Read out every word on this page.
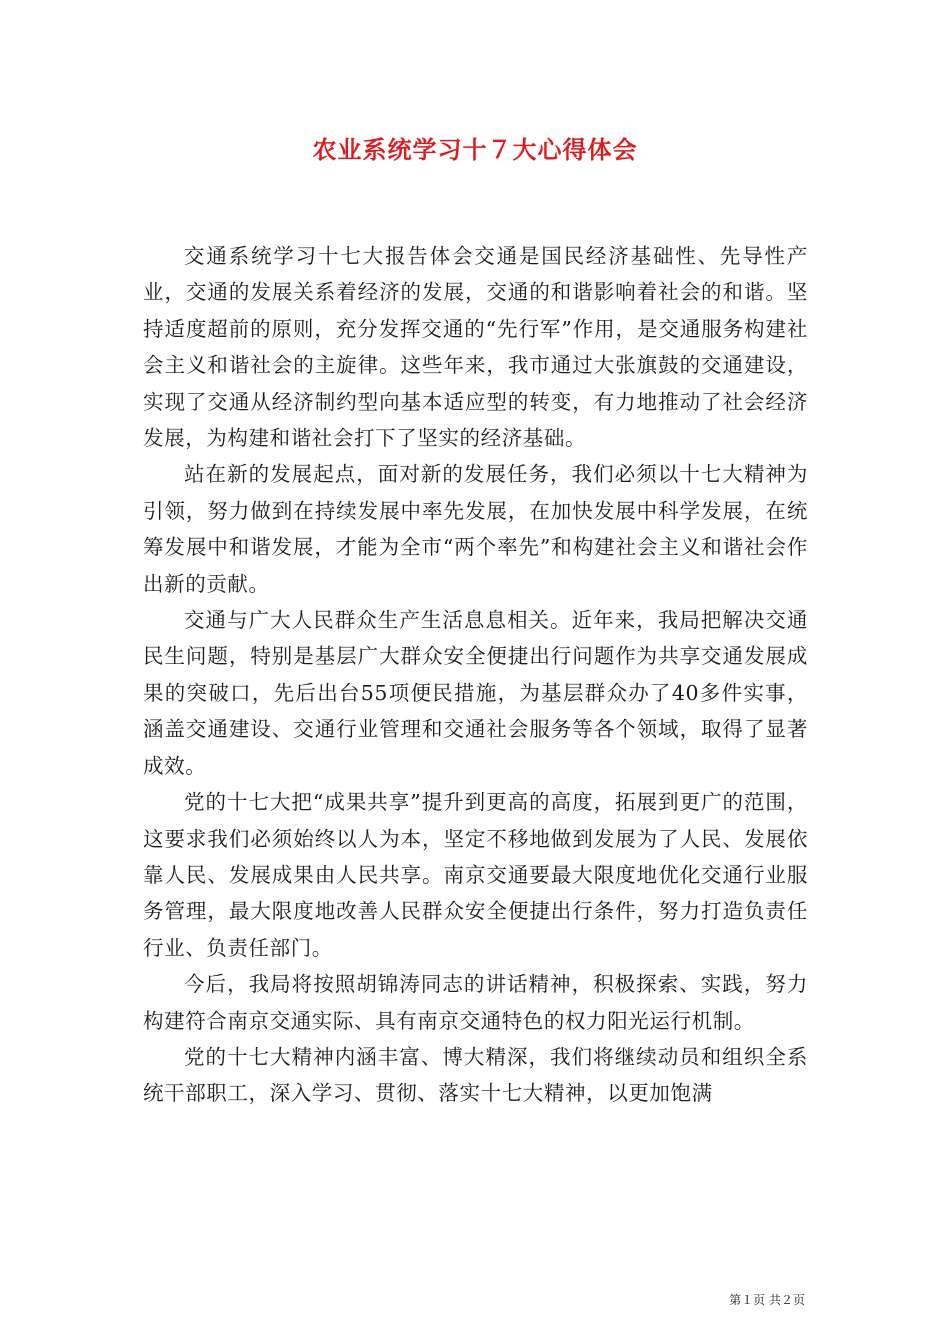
农业系统学习十７大心得体会

交通系统学习十七大报告体会交通是国民经济基础性、先导性产业，交通的发展关系着经济的发展，交通的和谐影响着社会的和谐。坚持适度超前的原则，充分发挥交通的“先行军”作用，是交通服务构建社会主义和谐社会的主旋律。这些年来，我市通过大张旗鼓的交通建设，实现了交通从经济制约型向基本适应型的转变，有力地推动了社会经济发展，为构建和谐社会打下了坚实的经济基础。

站在新的发展起点，面对新的发展任务，我们必须以十七大精神为引领，努力做到在持续发展中率先发展，在加快发展中科学发展，在统筹发展中和谐发展，才能为全市“两个率先”和构建社会主义和谐社会作出新的贡献。

交通与广大人民群众生产生活息息相关。近年来，我局把解决交通民生问题，特别是基层广大群众安全便捷出行问题作为共享交通发展成果的突破口，先后出台55项便民措施，为基层群众办了40多件实事，涵盖交通建设、交通行业管理和交通社会服务等各个领域，取得了显著成效。

党的十七大把“成果共享”提升到更高的高度，拓展到更广的范围，这要求我们必须始终以人为本，坚定不移地做到发展为了人民、发展依靠人民、发展成果由人民共享。南京交通要最大限度地优化交通行业服务管理，最大限度地改善人民群众安全便捷出行条件，努力打造负责任行业、负责任部门。

今后，我局将按照胡锦涛同志的讲话精神，积极探索、实践，努力构建符合南京交通实际、具有南京交通特色的权力阳光运行机制。

党的十七大精神内涵丰富、博大精深，我们将继续动员和组织全系统干部职工，深入学习、贯彻、落实十七大精神，以更加饱满

第１页 共２页
